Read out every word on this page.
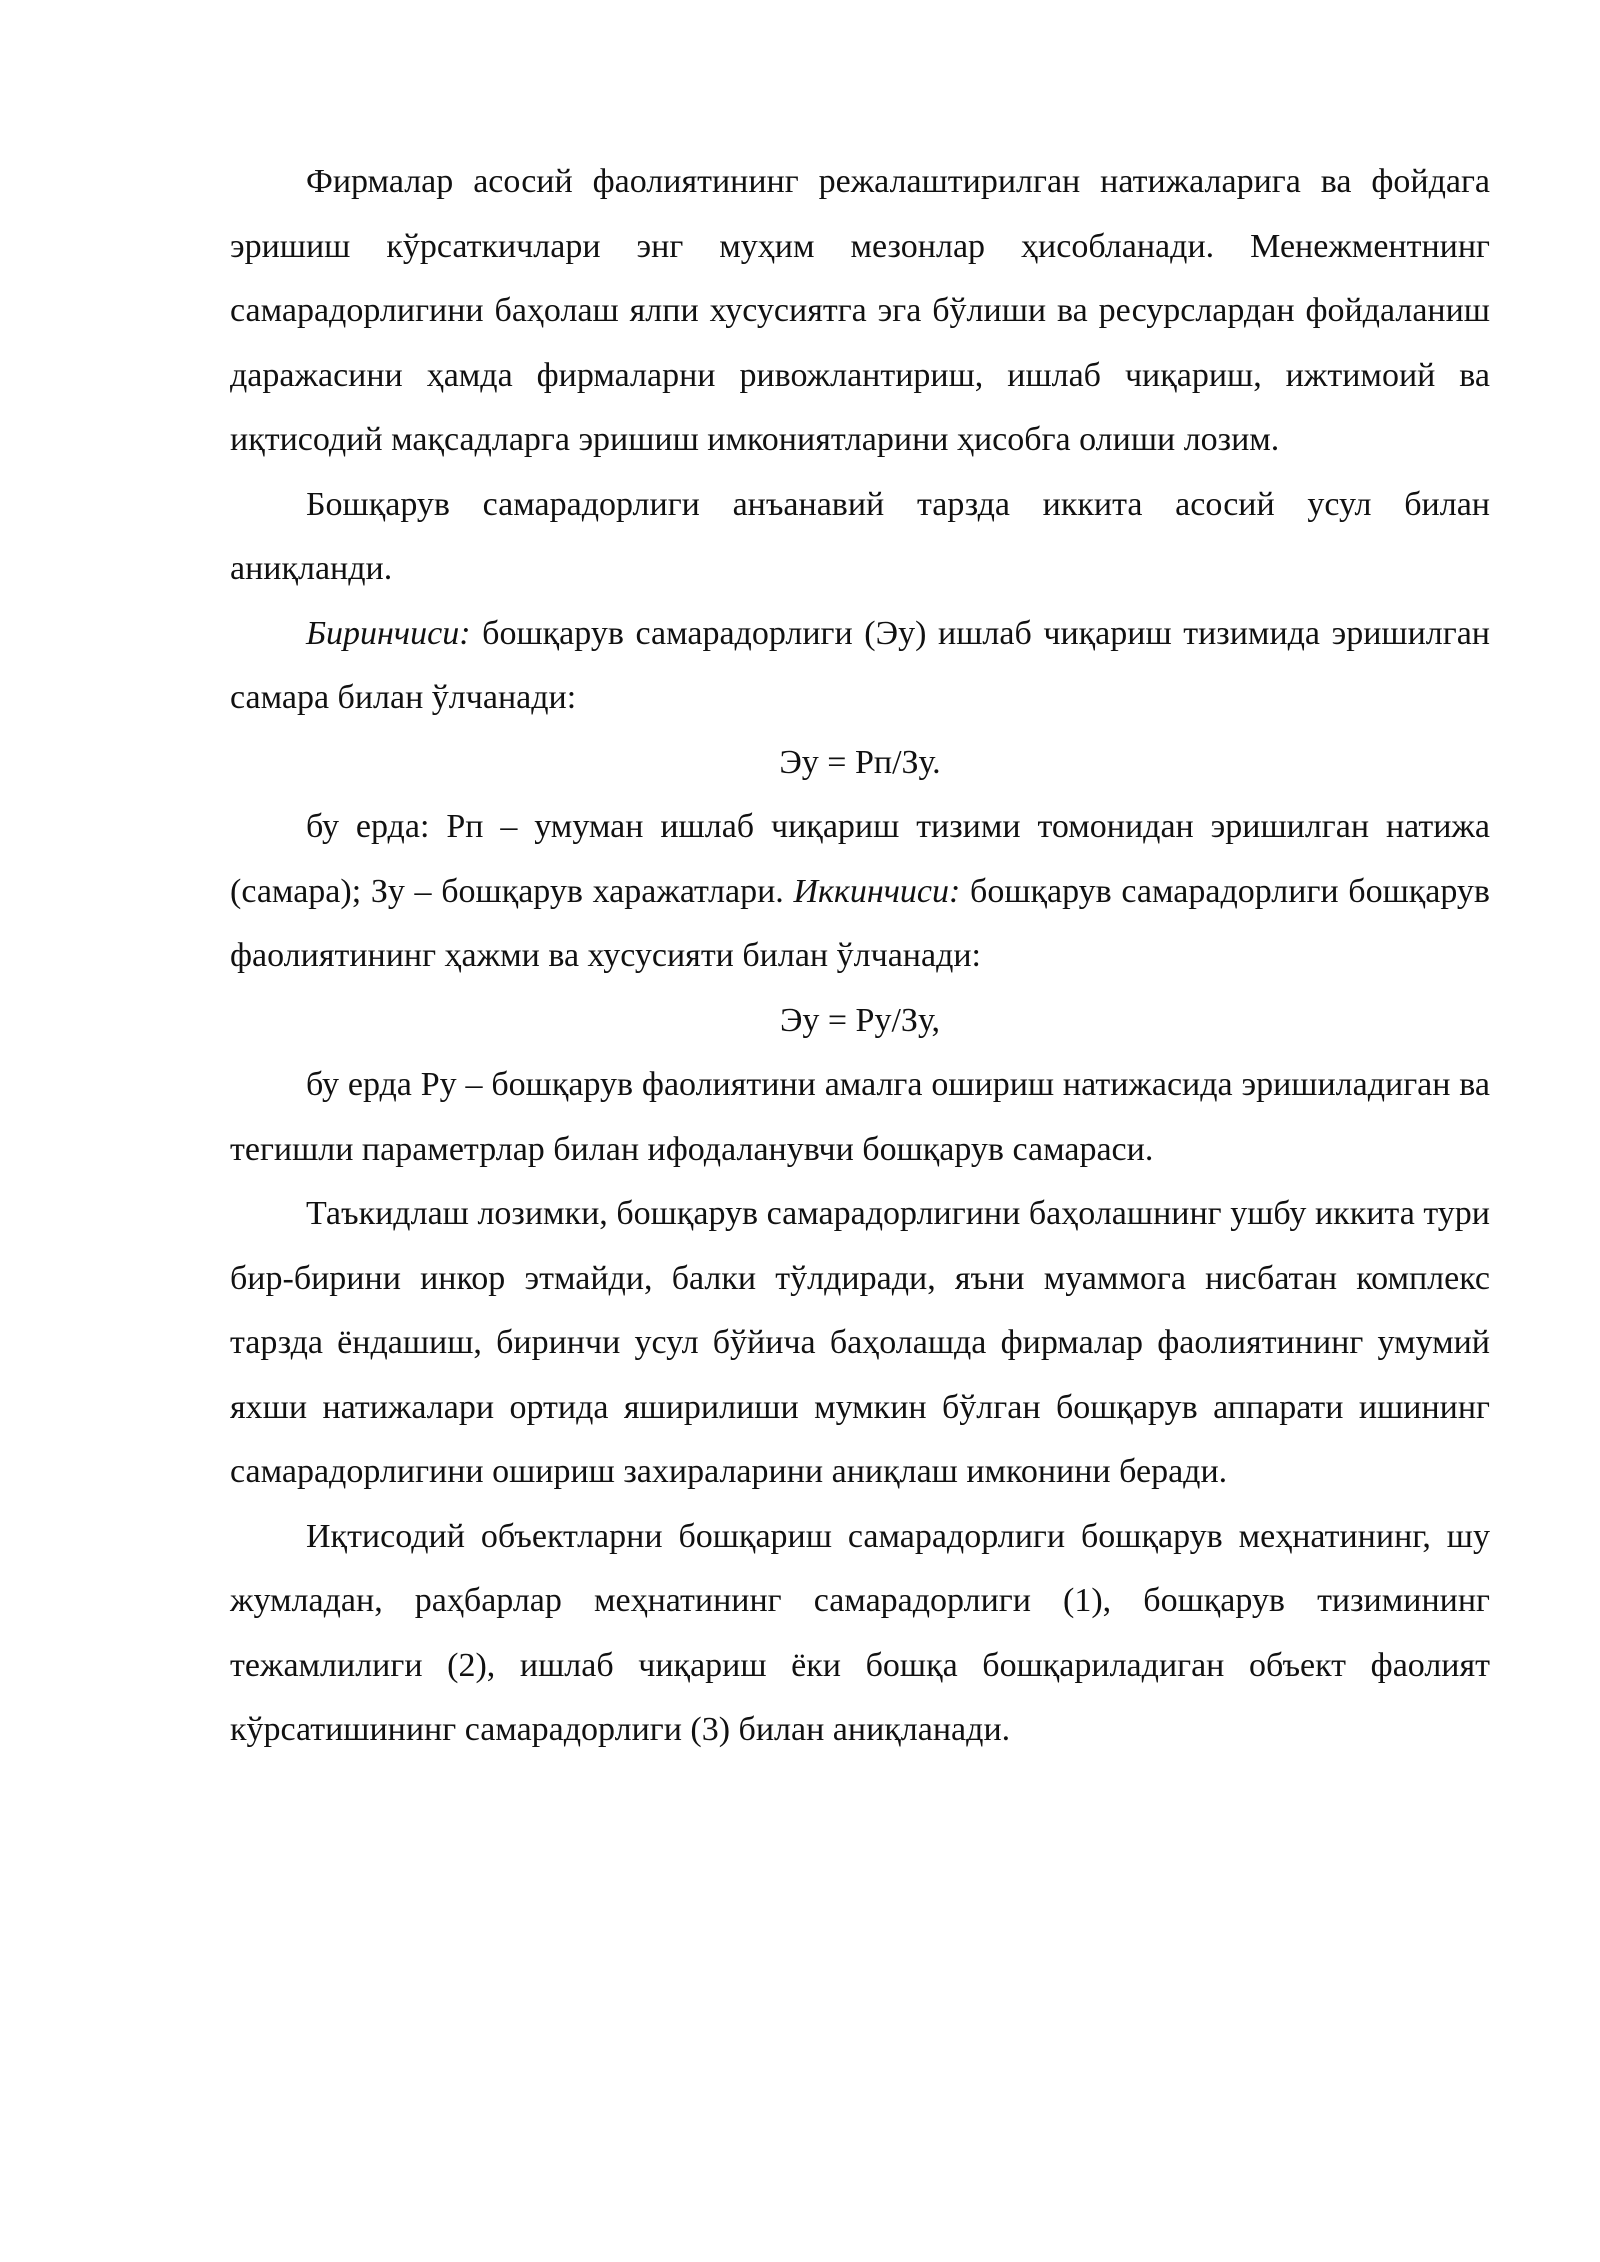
Фирмалар асосий фаолиятининг режалаштирилган натижаларига ва фойдага эришиш кўрсаткичлари энг муҳим мезонлар ҳисобланади. Менежментнинг самарадорлигини баҳолаш ялпи хусусиятга эга бўлиши ва ресурслардан фойдаланиш даражасини ҳамда фирмаларни ривожлантириш, ишлаб чиқариш, ижтимоий ва иқтисодий мақсадларга эришиш имкониятларини ҳисобга олиши лозим.

Бошқарув самарадорлиги анъанавий тарзда иккита асосий усул билан аниқланди.

Биринчиси: бошқарув самарадорлиги (Эу) ишлаб чиқариш тизимида эришилган самара билан ўлчанади:

Эу = Рп/Зу.

бу ерда: Рп – умуман ишлаб чиқариш тизими томонидан эришилган натижа (самара); Зу – бошқарув харажатлари. Иккинчиси: бошқарув самарадорлиги бошқарув фаолиятининг ҳажми ва хусусияти билан ўлчанади:

Эу = Ру/Зу,

бу ерда Ру – бошқарув фаолиятини амалга ошириш натижасида эришиладиган ва тегишли параметрлар билан ифодаланувчи бошқарув самараси.

Таъкидлаш лозимки, бошқарув самарадорлигини баҳолашнинг ушбу иккита тури бир-бирини инкор этмайди, балки тўлдиради, яъни муаммога нисбатан комплекс тарзда ёндашиш, биринчи усул бўйича баҳолашда фирмалар фаолиятининг умумий яхши натижалари ортида яширилиши мумкин бўлган бошқарув аппарати ишининг самарадорлигини ошириш захираларини аниқлаш имконини беради.

Иқтисодий объектларни бошқариш самарадорлиги бошқарув меҳнатининг, шу жумладан, раҳбарлар меҳнатининг самарадорлиги (1), бошқарув тизимининг тежамлилиги (2), ишлаб чиқариш ёки бошқа бошқариладиган объект фаолият кўрсатишининг самарадорлиги (3) билан аниқланади.
